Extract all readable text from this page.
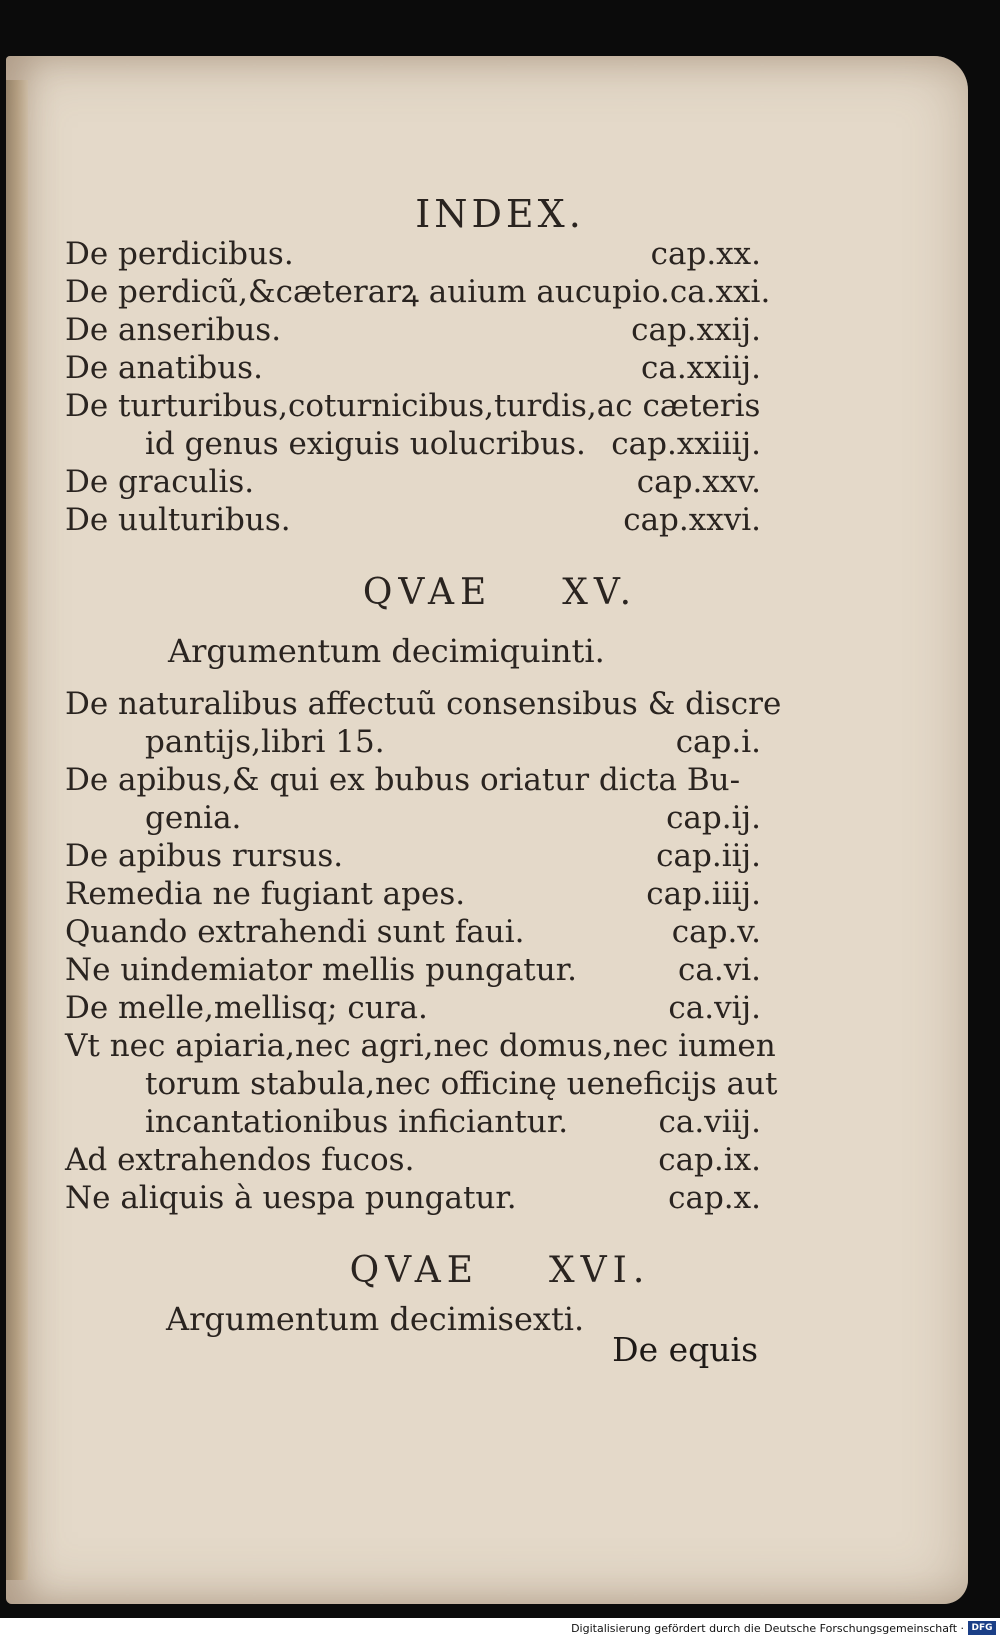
INDEX.
De perdicibus.	cap.xx.
De perdicũ,&cæterarꝝ auium aucupio.ca.xxi.
De anseribus.	cap.xxij.
De anatibus.	ca.xxiij.
De turturibus,coturnicibus,turdis,ac cæteris
id genus exiguis uolucribus. cap.xxiiij.
De graculis.	cap.xxv.
De uulturibus.	cap.xxvi.
QVAE XV.
Argumentum decimiquinti.
De naturalibus affectuũ consensibus & discre
pantijs,libri 15.	cap.i.
De apibus,& qui ex bubus oriatur dicta Bu-
genia.	cap.ij.
De apibus rursus.	cap.iij.
Remedia ne fugiant apes.	cap.iiij.
Quando extrahendi sunt faui.	cap.v.
Ne uindemiator mellis pungatur.	ca.vi.
De melle,mellisq; cura.	ca.vij.
Vt nec apiaria,nec agri,nec domus,nec iumen
torum stabula,nec officinę ueneficijs aut
incantationibus inficiantur.	ca.viij.
Ad extrahendos fucos.	cap.ix.
Ne aliquis à uespa pungatur.	cap.x.
QVAE XVI.
Argumentum decimisexti.
De equis
Digitalisierung gefördert durch die Deutsche Forschungsgemeinschaft · DFG
